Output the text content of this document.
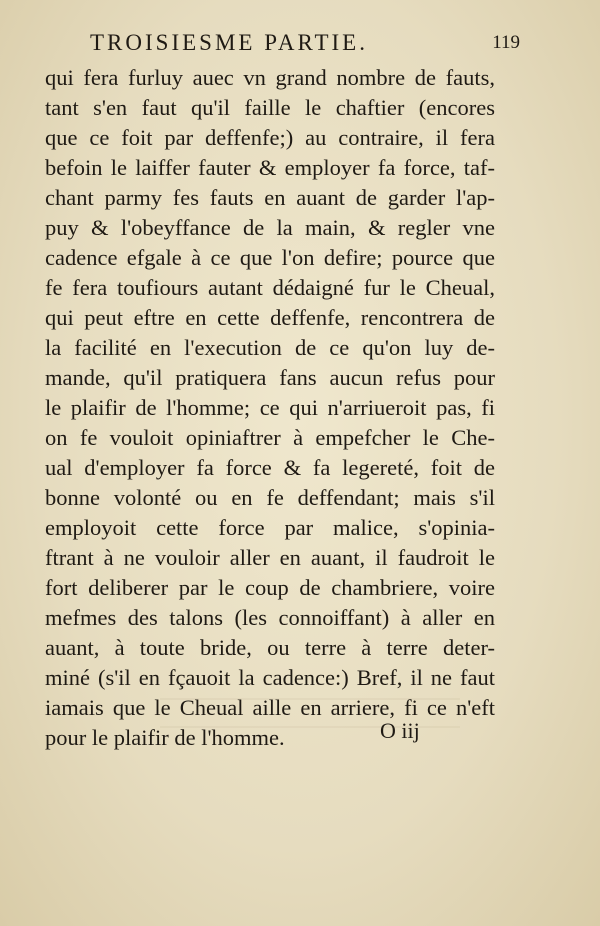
TROISIESME PARTIE.	119
qui fera furluy auec vn grand nombre de fauts,
tant s'en faut qu'il faille le chaftier (encores
que ce foit par deffenfe;) au contraire, il fera
befoin le laiffer fauter & employer fa force, taf-
chant parmy fes fauts en auant de garder l'ap-
puy & l'obeyffance de la main, & regler vne
cadence efgale à ce que l'on defire; pource que
fe fera toufiours autant dédaigné fur le Cheual,
qui peut eftre en cette deffenfe, rencontrera de
la facilité en l'execution de ce qu'on luy de-
mande, qu'il pratiquera fans aucun refus pour
le plaifir de l'homme; ce qui n'arriueroit pas, fi
on fe vouloit opiniaftrer à empefcher le Che-
ual d'employer fa force & fa legereté, foit de
bonne volonté ou en fe deffendant; mais s'il
employoit cette force par malice, s'opinia-
ftrant à ne vouloir aller en auant, il faudroit le
fort deliberer par le coup de chambriere, voire
mefmes des talons (les connoiffant) à aller en
auant, à toute bride, ou terre à terre deter-
miné (s'il en fçauoit la cadence:) Bref, il ne faut
iamais que le Cheual aille en arriere, fi ce n'eft
pour le plaifir de l'homme.	O iij
